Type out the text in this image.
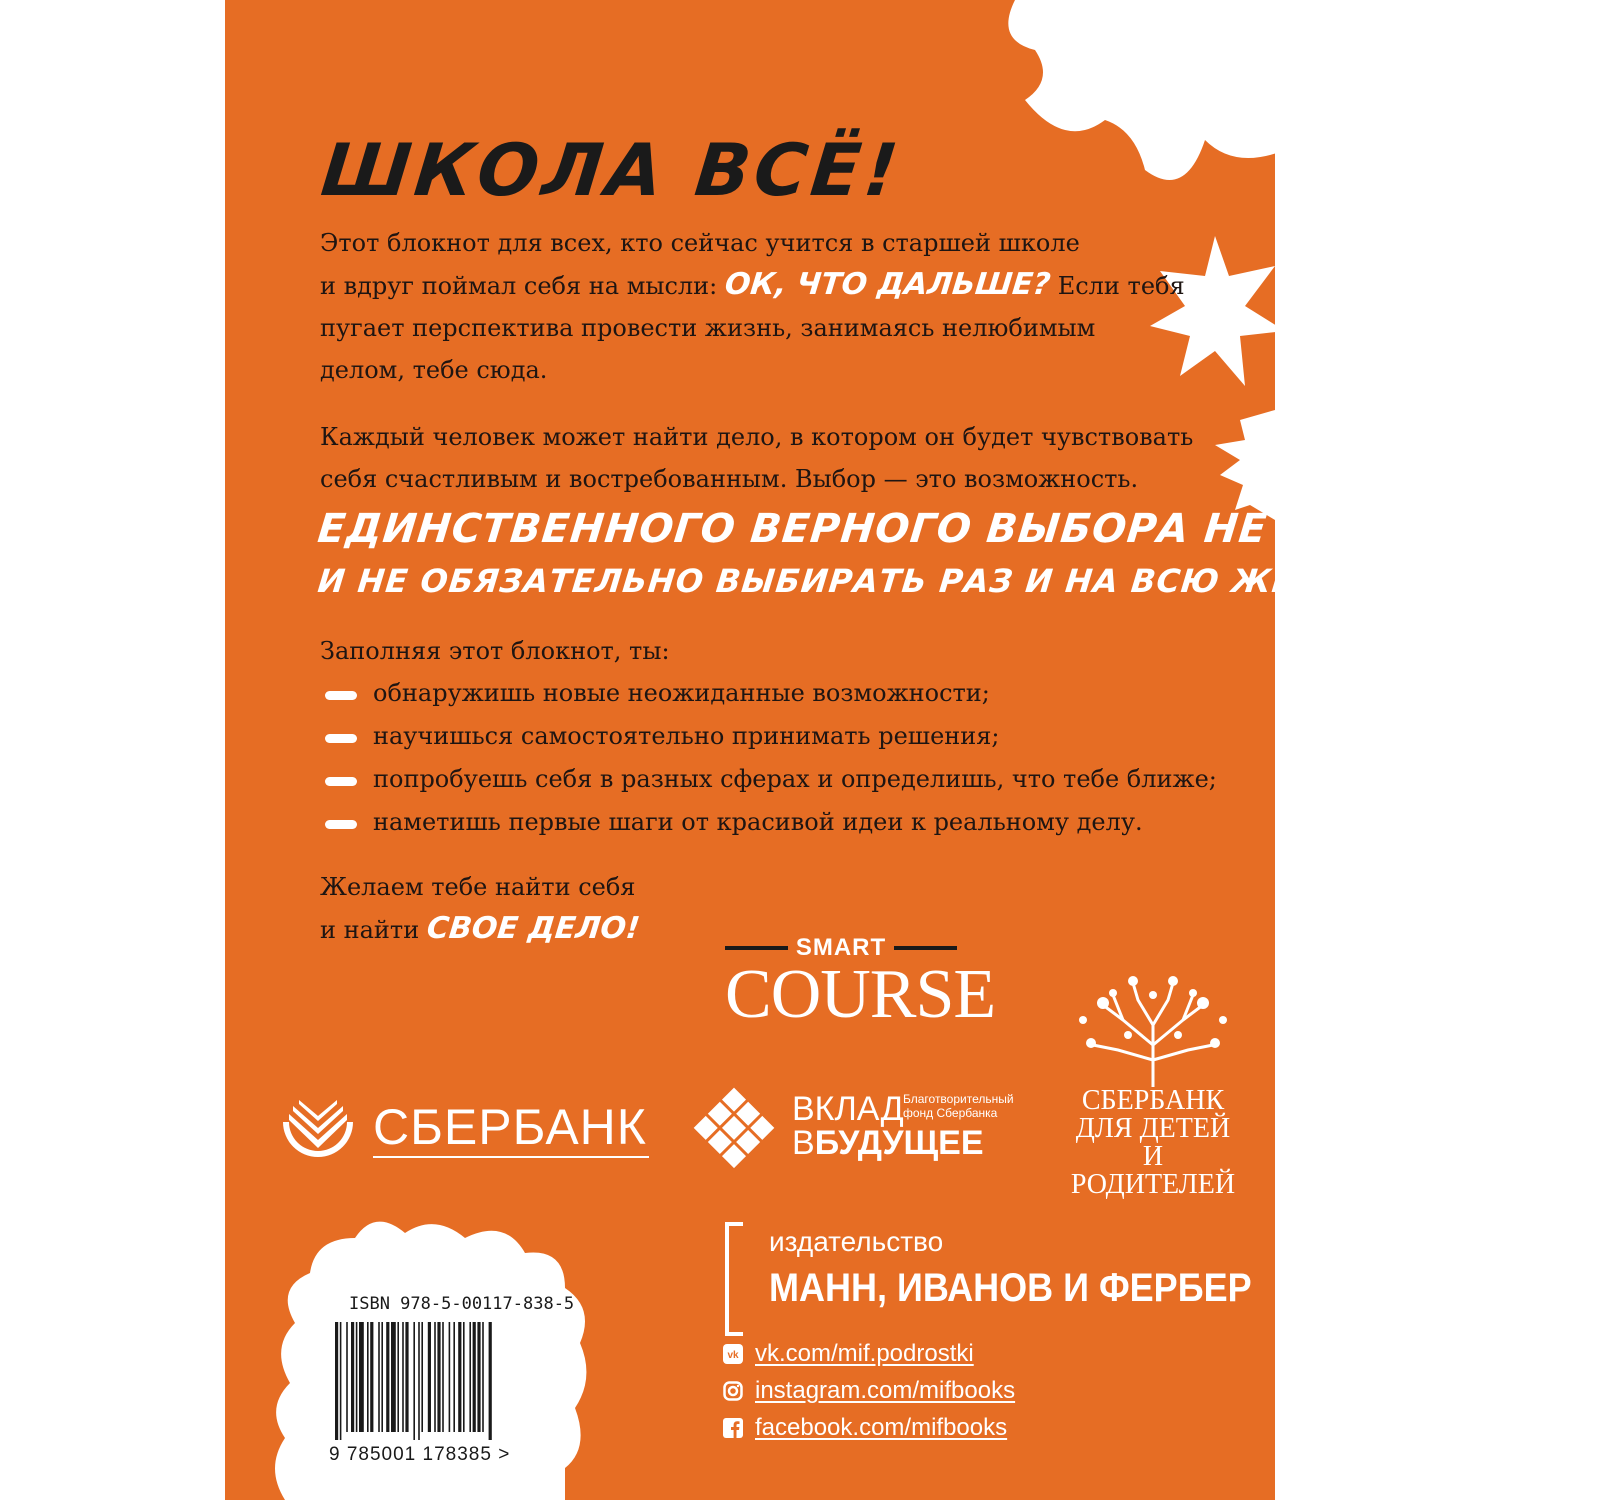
ШКОЛА ВСЁ!
Этот блокнот для всех, кто сейчас учится в старшей школе
и вдруг поймал себя на мысли: ОК, ЧТО ДАЛЬШЕ? Если тебя
пугает перспектива провести жизнь, занимаясь нелюбимым
делом, тебе сюда.
Каждый человек может найти дело, в котором он будет чувствовать
себя счастливым и востребованным. Выбор — это возможность.
ЕДИНСТВЕННОГО ВЕРНОГО ВЫБОРА НЕ СУЩЕСТВУЕТ,
И НЕ ОБЯЗАТЕЛЬНО ВЫБИРАТЬ РАЗ И НА ВСЮ ЖИЗНЬ!
Заполняя этот блокнот, ты:
обнаружишь новые неожиданные возможности;
научишься самостоятельно принимать решения;
попробуешь себя в разных сферах и определишь, что тебе ближе;
наметишь первые шаги от красивой идеи к реальному делу.
Желаем тебе найти себя
и найти СВОЕ ДЕЛО!
SMART
COURSE
СБЕРБАНК	ВКЛАД
ВБУДУЩЕЕ
Благотворительный
фонд Сбербанка	СБЕРБАНК
ДЛЯ ДЕТЕЙ
И РОДИТЕЛЕЙ
издательство
МАНН, ИВАНОВ И ФЕРБЕР
vk vk.com/mif.podrostki
instagram.com/mifbooks
facebook.com/mifbooks
ISBN 978-5-00117-838-5
9 785001 178385 >
